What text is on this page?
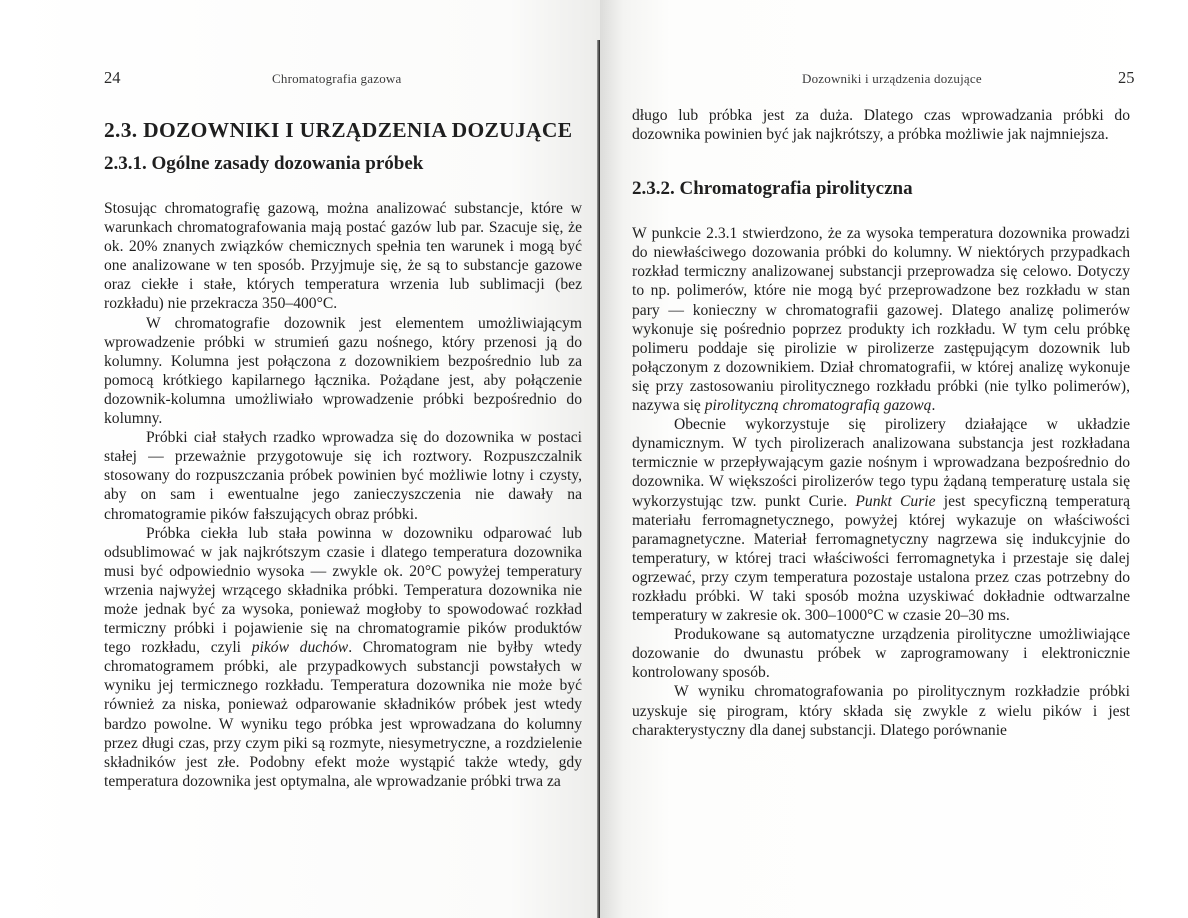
24	Chromatografia gazowa
2.3. DOZOWNIKI I URZĄDZENIA DOZUJĄCE
2.3.1. Ogólne zasady dozowania próbek

Stosując chromatografię gazową, można analizować substancje, które w warunkach chromatografowania mają postać gazów lub par. Szacuje się, że ok. 20% znanych związków chemicznych spełnia ten warunek i mogą być one analizowane w ten sposób. Przyjmuje się, że są to substancje gazowe oraz ciekłe i stałe, których temperatura wrzenia lub sublimacji (bez rozkładu) nie przekracza 350–400°C.

W chromatografie dozownik jest elementem umożliwiającym wprowadzenie próbki w strumień gazu nośnego, który przenosi ją do kolumny. Kolumna jest połączona z dozownikiem bezpośrednio lub za pomocą krótkiego kapilarnego łącznika. Pożądane jest, aby połączenie dozownik-kolumna umożliwiało wprowadzenie próbki bezpośrednio do kolumny.

Próbki ciał stałych rzadko wprowadza się do dozownika w postaci stałej — przeważnie przygotowuje się ich roztwory. Rozpuszczalnik stosowany do rozpuszczania próbek powinien być możliwie lotny i czysty, aby on sam i ewentualne jego zanieczyszczenia nie dawały na chromatogramie pików fałszujących obraz próbki.

Próbka ciekła lub stała powinna w dozowniku odparować lub odsublimować w jak najkrótszym czasie i dlatego temperatura dozownika musi być odpowiednio wysoka — zwykle ok. 20°C powyżej temperatury wrzenia najwyżej wrzącego składnika próbki. Temperatura dozownika nie może jednak być za wysoka, ponieważ mogłoby to spowodować rozkład termiczny próbki i pojawienie się na chromatogramie pików produktów tego rozkładu, czyli pików duchów. Chromatogram nie byłby wtedy chromatogramem próbki, ale przypadkowych substancji powstałych w wyniku jej termicznego rozkładu. Temperatura dozownika nie może być również za niska, ponieważ odparowanie składników próbek jest wtedy bardzo powolne. W wyniku tego próbka jest wprowadzana do kolumny przez długi czas, przy czym piki są rozmyte, niesymetryczne, a rozdzielenie składników jest złe. Podobny efekt może wystąpić także wtedy, gdy temperatura dozownika jest optymalna, ale wprowadzanie próbki trwa za

Dozowniki i urządzenia dozujące	25

długo lub próbka jest za duża. Dlatego czas wprowadzania próbki do dozownika powinien być jak najkrótszy, a próbka możliwie jak najmniejsza.

2.3.2. Chromatografia pirolityczna

W punkcie 2.3.1 stwierdzono, że za wysoka temperatura dozownika prowadzi do niewłaściwego dozowania próbki do kolumny. W niektórych przypadkach rozkład termiczny analizowanej substancji przeprowadza się celowo. Dotyczy to np. polimerów, które nie mogą być przeprowadzone bez rozkładu w stan pary — konieczny w chromatografii gazowej. Dlatego analizę polimerów wykonuje się pośrednio poprzez produkty ich rozkładu. W tym celu próbkę polimeru poddaje się pirolizie w pirolizerze zastępującym dozownik lub połączonym z dozownikiem. Dział chromatografii, w której analizę wykonuje się przy zastosowaniu pirolitycznego rozkładu próbki (nie tylko polimerów), nazywa się pirolityczną chromatografią gazową.

Obecnie wykorzystuje się pirolizery działające w układzie dynamicznym. W tych pirolizerach analizowana substancja jest rozkładana termicznie w przepływającym gazie nośnym i wprowadzana bezpośrednio do dozownika. W większości pirolizerów tego typu żądaną temperaturę ustala się wykorzystując tzw. punkt Curie. Punkt Curie jest specyficzną temperaturą materiału ferromagnetycznego, powyżej której wykazuje on właściwości paramagnetyczne. Materiał ferromagnetyczny nagrzewa się indukcyjnie do temperatury, w której traci właściwości ferromagnetyka i przestaje się dalej ogrzewać, przy czym temperatura pozostaje ustalona przez czas potrzebny do rozkładu próbki. W taki sposób można uzyskiwać dokładnie odtwarzalne temperatury w zakresie ok. 300–1000°C w czasie 20–30 ms.

Produkowane są automatyczne urządzenia pirolityczne umożliwiające dozowanie do dwunastu próbek w zaprogramowany i elektronicznie kontrolowany sposób.

W wyniku chromatografowania po pirolitycznym rozkładzie próbki uzyskuje się pirogram, który składa się zwykle z wielu pików i jest charakterystyczny dla danej substancji. Dlatego porównanie
